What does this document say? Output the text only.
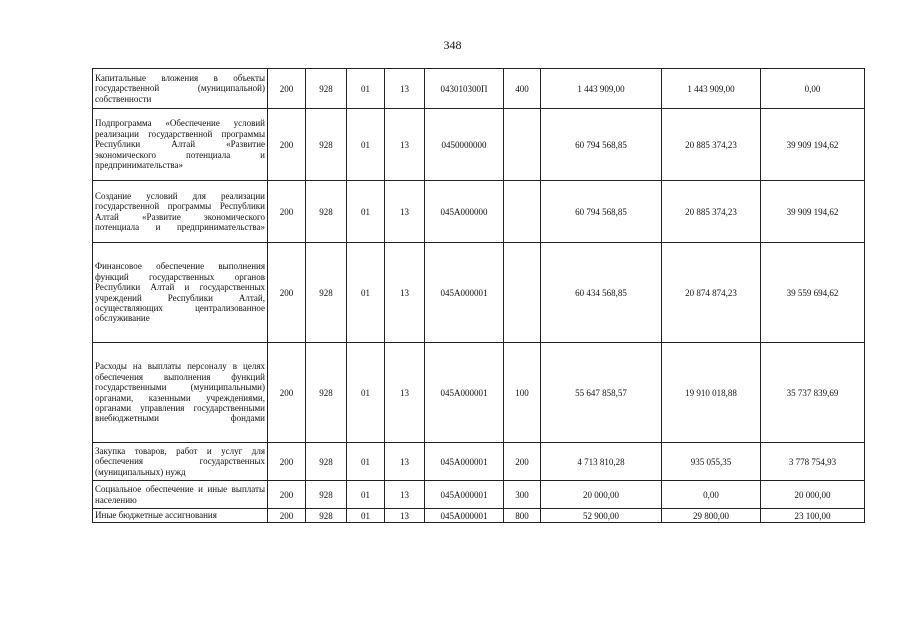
348
Капитальные вложения в объекты государственной (муниципальной) собственности	200	928	01	13	043010300П	400	1 443 909,00	1 443 909,00	0,00
Подпрограмма «Обеспечение условий реализации государственной программы Республики Алтай «Развитие экономического потенциала и предпринимательства»	200	928	01	13	0450000000		60 794 568,85	20 885 374,23	39 909 194,62
Создание условий для реализации государственной программы Республики Алтай «Развитие экономического потенциала и предпринимательства»	200	928	01	13	045А000000		60 794 568,85	20 885 374,23	39 909 194,62
Финансовое обеспечение выполнения функций государственных органов Республики Алтай и государственных учреждений Республики Алтай, осуществляющих централизованное обслуживание	200	928	01	13	045А000001		60 434 568,85	20 874 874,23	39 559 694,62
Расходы на выплаты персоналу в целях обеспечения выполнения функций государственными (муниципальными) органами, казенными учреждениями, органами управления государственными внебюджетными фондами	200	928	01	13	045А000001	100	55 647 858,57	19 910 018,88	35 737 839,69
Закупка товаров, работ и услуг для обеспечения государственных (муниципальных) нужд	200	928	01	13	045А000001	200	4 713 810,28	935 055,35	3 778 754,93
Социальное обеспечение и иные выплаты населению	200	928	01	13	045А000001	300	20 000,00	0,00	20 000,00
Иные бюджетные ассигнования	200	928	01	13	045А000001	800	52 900,00	29 800,00	23 100,00
